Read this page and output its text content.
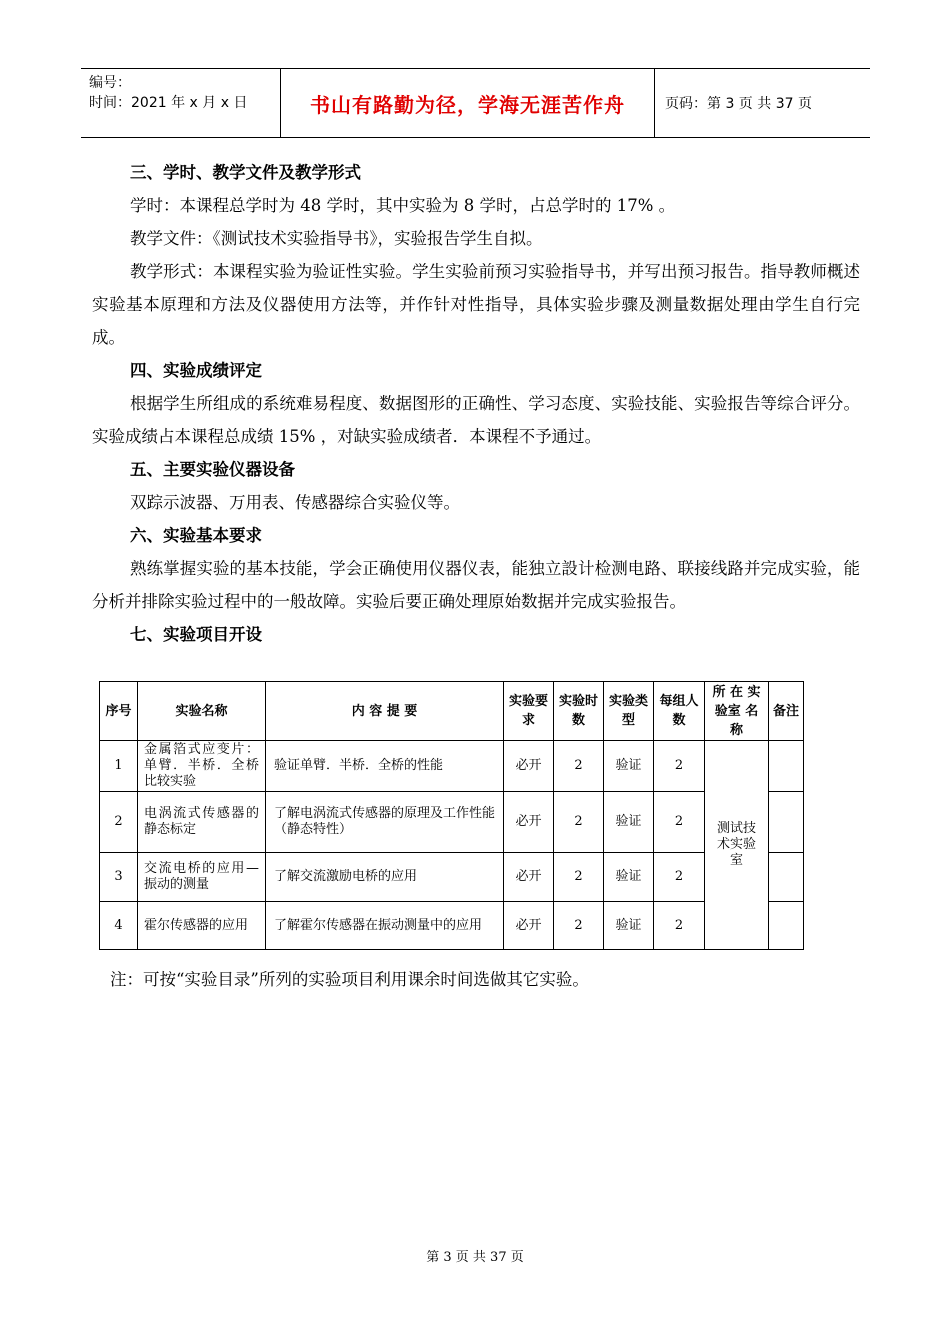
编号：
时间：2021 年 x 月 x 日	书山有路勤为径，学海无涯苦作舟	页码：第 3 页 共 37 页
三、学时、教学文件及教学形式
学时：本课程总学时为 48 学时，其中实验为 8 学时，占总学时的 17% 。
教学文件：《测试技术实验指导书》，实验报告学生自拟。
教学形式：本课程实验为验证性实验。学生实验前预习实验指导书，并写出预习报告。指导教师概述实验基本原理和方法及仪器使用方法等，并作针对性指导，具体实验步骤及测量数据处理由学生自行完成。
四、实验成绩评定
根据学生所组成的系统难易程度、数据图形的正确性、学习态度、实验技能、实验报告等综合评分。实验成绩占本课程总成绩 15% ，对缺实验成绩者．本课程不予通过。
五、主要实验仪器设备
双踪示波器、万用表、传感器综合实验仪等。
六、实验基本要求
熟练掌握实验的基本技能，学会正确使用仪器仪表，能独立設计检测电路、联接线路并完成实验，能分析并排除实验过程中的一般故障。实验后要正确处理原始数据并完成实验报告。
七、实验项目开设
序号	实验名称	内 容 提 要	实验要求	实验时数	实验类型	每组人数	所 在 实验室 名 称	备注
1	金属箔式应变片：单臂．半桥．全桥比较实验	验证单臂．半桥．全桥的性能	必开	2	验证	2	测试技术实验室	
2	电涡流式传感器的静态标定	了解电涡流式传感器的原理及工作性能（静态特性）	必开	2	验证	2		
3	交流电桥的应用—振动的测量	了解交流激励电桥的应用	必开	2	验证	2		
4	霍尔传感器的应用	了解霍尔传感器在振动测量中的应用	必开	2	验证	2		
注：可按“实验目录”所列的实验项目利用课余时间选做其它实验。
第 3 页 共 37 页
